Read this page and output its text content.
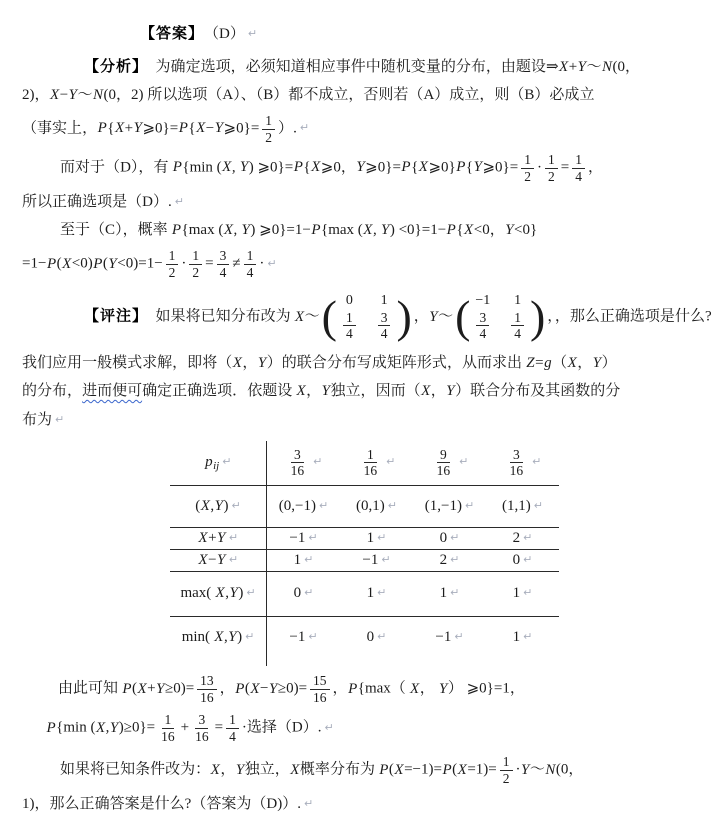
【答案】　 （D） ↵
【分析】　 为确定选项，必须知道相应事件中随机变量的分布，由题设⇒X+Y～N(0，
2)，X−Y～N(0，2) 所以选项（A）、（B）都不成立，否则若（A）成立，则（B）必成立
（事实上，P{X+Y⩾0}=P{X−Y⩾0}= $\frac{1}{2}$ ）. ↵
而对于（D），有 P{min (X, Y) ⩾0}=P{X⩾0，Y⩾0}=P{X⩾0}P{Y⩾0}= $\frac{1}{2} \cdot \frac{1}{2} = \frac{1}{4}$ ，
所以正确选项是（D）. ↵
至于（C），概率 P{max (X, Y) ⩾0}=1−P{max (X, Y) <0}=1−P{X<0，Y<0}
$=1-P(X<0)P(Y<0)=1- \frac{1}{2} \cdot \frac{1}{2} = \frac{3}{4} \ne \frac{1}{4}$ · ↵
【评注】　 如果将已知分布改为 X～ ( 0 1
$\frac{1}{4} \frac{3}{4}$ ) ，Y～ ( −1 1
$\frac{3}{4} \frac{1}{4}$ ) ，，那么正确选项是什么?
我们应用一般模式求解，即将（X，Y）的联合分布写成矩阵形式，从而求出 Z=g（X，Y）
的分布，进而便可确定正确选项．依题设 X，Y独立，因而（X，Y）联合分布及其函数的分
布为 ↵
$p_{ij}$ ↵	$\frac{3}{16}$ ↵	$\frac{1}{16}$ ↵	$\frac{9}{16}$ ↵	$\frac{3}{16}$ ↵
(X,Y) ↵	(0,−1) ↵	(0,1) ↵	(1,−1) ↵	(1,1) ↵
X+Y ↵	−1 ↵	1 ↵	0 ↵	2 ↵
X−Y ↵	1 ↵	−1 ↵	2 ↵	0 ↵
max( X,Y) ↵	0 ↵	1 ↵	1 ↵	1 ↵
min( X,Y) ↵	−1 ↵	0 ↵	−1 ↵	1 ↵

由此可知 $P(X+Y\ge 0)= \frac{13}{16}$ ，$P(X-Y\ge 0)= \frac{15}{16}$ ，P{max（ X， Y） ⩾0}=1，
P{min $(X,Y)\ge 0\}= \frac{1}{16} + \frac{3}{16} = \frac{1}{4}$ ·选择（D）. ↵
如果将已知条件改为：X，Y独立，X概率分布为 $P(X=-1)=P(X=1)= \frac{1}{2}$ ·Y～N(0，
1)，那么正确答案是什么?（答案为（D)）. ↵
